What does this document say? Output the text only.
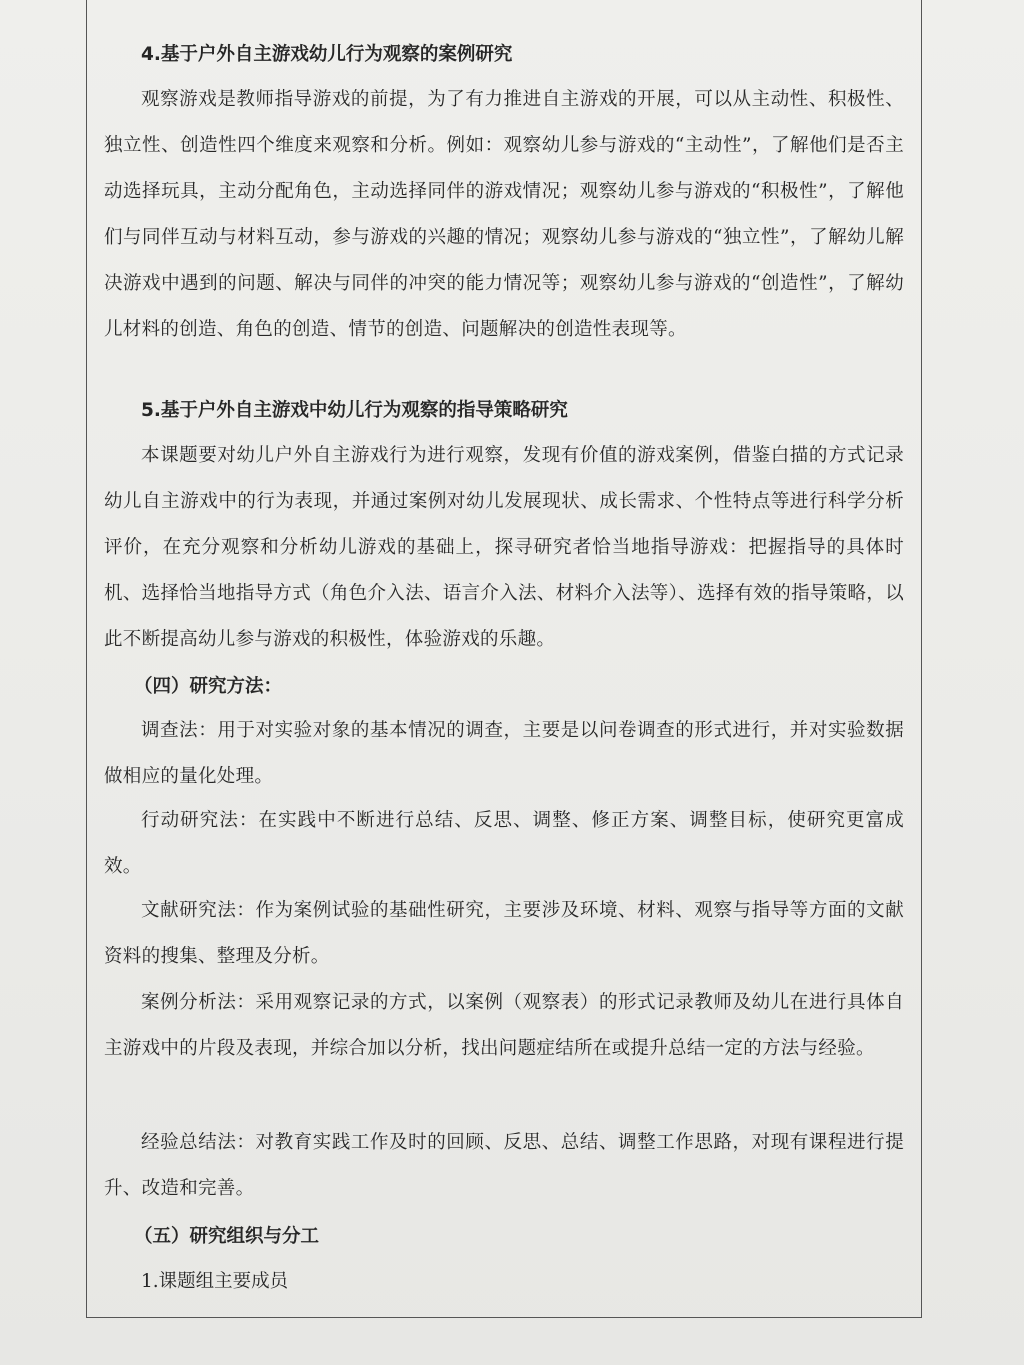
4.基于户外自主游戏幼儿行为观察的案例研究

观察游戏是教师指导游戏的前提，为了有力推进自主游戏的开展，可以从主动性、积极性、独立性、创造性四个维度来观察和分析。例如：观察幼儿参与游戏的“主动性”，了解他们是否主动选择玩具，主动分配角色，主动选择同伴的游戏情况；观察幼儿参与游戏的“积极性”，了解他们与同伴互动与材料互动，参与游戏的兴趣的情况；观察幼儿参与游戏的“独立性”，了解幼儿解决游戏中遇到的问题、解决与同伴的冲突的能力情况等；观察幼儿参与游戏的“创造性”，了解幼儿材料的创造、角色的创造、情节的创造、问题解决的创造性表现等。

5.基于户外自主游戏中幼儿行为观察的指导策略研究

本课题要对幼儿户外自主游戏行为进行观察，发现有价值的游戏案例，借鉴白描的方式记录幼儿自主游戏中的行为表现，并通过案例对幼儿发展现状、成长需求、个性特点等进行科学分析评价，在充分观察和分析幼儿游戏的基础上，探寻研究者恰当地指导游戏：把握指导的具体时机、选择恰当地指导方式（角色介入法、语言介入法、材料介入法等）、选择有效的指导策略，以此不断提高幼儿参与游戏的积极性，体验游戏的乐趣。

（四）研究方法：

调查法：用于对实验对象的基本情况的调查，主要是以问卷调查的形式进行，并对实验数据做相应的量化处理。

行动研究法：在实践中不断进行总结、反思、调整、修正方案、调整目标，使研究更富成效。

文献研究法：作为案例试验的基础性研究，主要涉及环境、材料、观察与指导等方面的文献资料的搜集、整理及分析。

案例分析法：采用观察记录的方式，以案例（观察表）的形式记录教师及幼儿在进行具体自主游戏中的片段及表现，并综合加以分析，找出问题症结所在或提升总结一定的方法与经验。

经验总结法：对教育实践工作及时的回顾、反思、总结、调整工作思路，对现有课程进行提升、改造和完善。

（五）研究组织与分工
1.课题组主要成员
